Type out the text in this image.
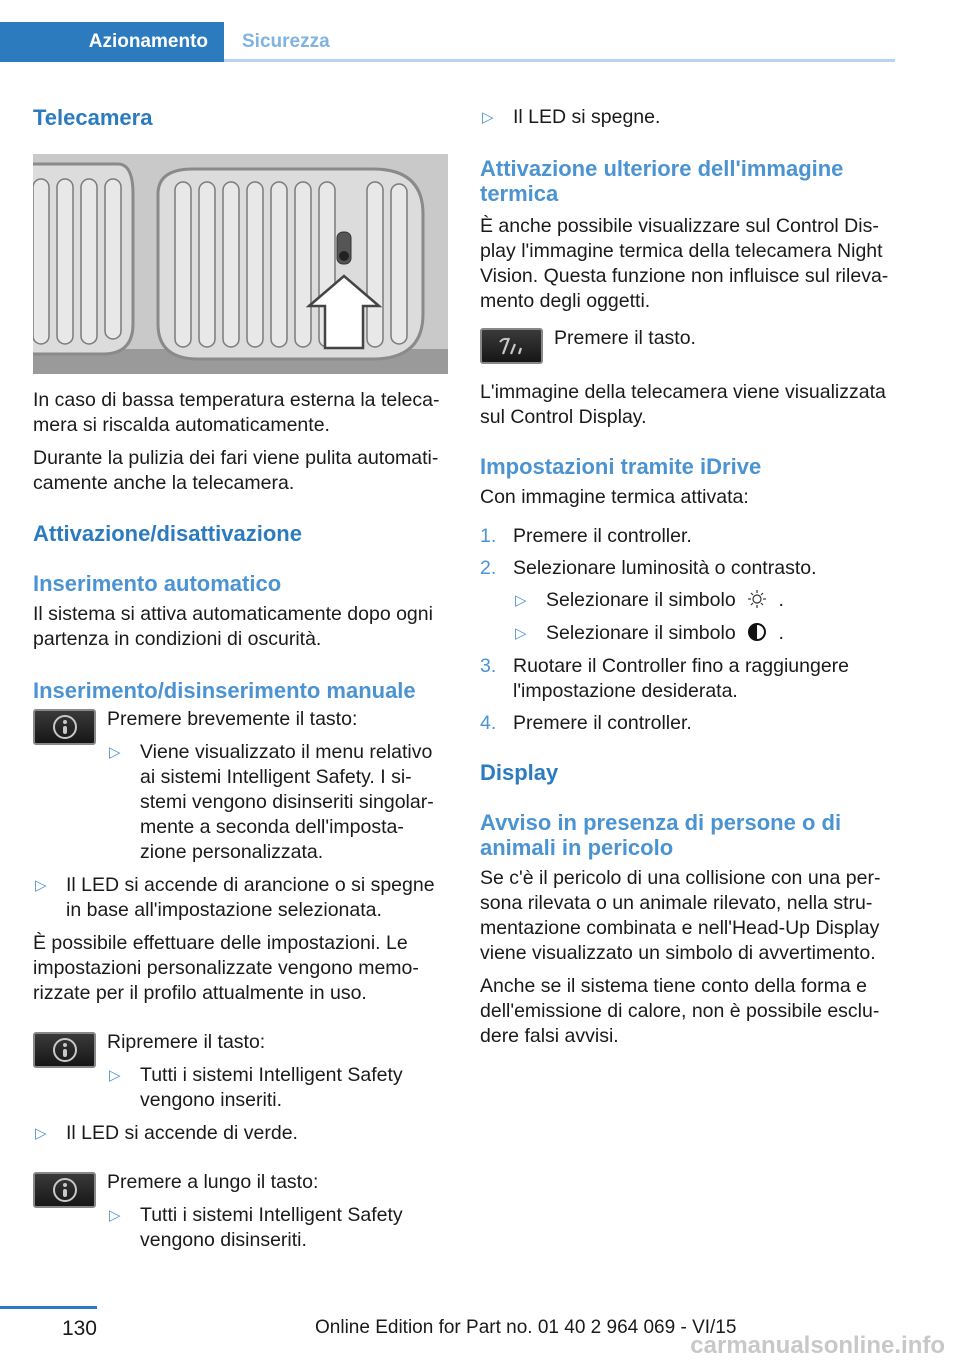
Azionamento	Sicurezza
Telecamera

In caso di bassa temperatura esterna la teleca‐mera si riscalda automaticamente.

Durante la pulizia dei fari viene pulita automati‐camente anche la telecamera.

Attivazione/disattivazione
Inserimento automatico

Il sistema si attiva automaticamente dopo ogni partenza in condizioni di oscurità.

Inserimento/disinserimento manuale

Premere brevemente il tasto:

▷ Viene visualizzato il menu relativo ai sistemi Intelligent Safety. I si‐stemi vengono disinseriti singolar‐mente a seconda dell'imposta‐zione personalizzata.
▷ Il LED si accende di arancione o si spegne in base all'impostazione selezionata.

È possibile effettuare delle impostazioni. Le impostazioni personalizzate vengono memo‐rizzate per il profilo attualmente in uso.

Ripremere il tasto:

▷ Tutti i sistemi Intelligent Safety vengono inseriti.
▷ Il LED si accende di verde.

Premere a lungo il tasto:

▷ Tutti i sistemi Intelligent Safety vengono disinseriti.
▷ Il LED si spegne.
Attivazione ulteriore dell'immagine termica

È anche possibile visualizzare sul Control Dis‐play l'immagine termica della telecamera Night Vision. Questa funzione non influisce sul rileva‐mento degli oggetti.

Premere il tasto.

L'immagine della telecamera viene visualizzata sul Control Display.

Impostazioni tramite iDrive

Con immagine termica attivata:

1. Premere il controller.
2. Selezionare luminosità o contrasto.
▷ Selezionare il simbolo .
▷ Selezionare il simbolo .
3. Ruotare il Controller fino a raggiungere l'impostazione desiderata.
4. Premere il controller.
Display
Avviso in presenza di persone o di animali in pericolo

Se c'è il pericolo di una collisione con una per‐sona rilevata o un animale rilevato, nella stru‐mentazione combinata e nell'Head-Up Display viene visualizzato un simbolo di avvertimento.

Anche se il sistema tiene conto della forma e dell'emissione di calore, non è possibile esclu‐dere falsi avvisi.

130	Online Edition for Part no. 01 40 2 964 069 - VI/15
carmanualsonline.info
